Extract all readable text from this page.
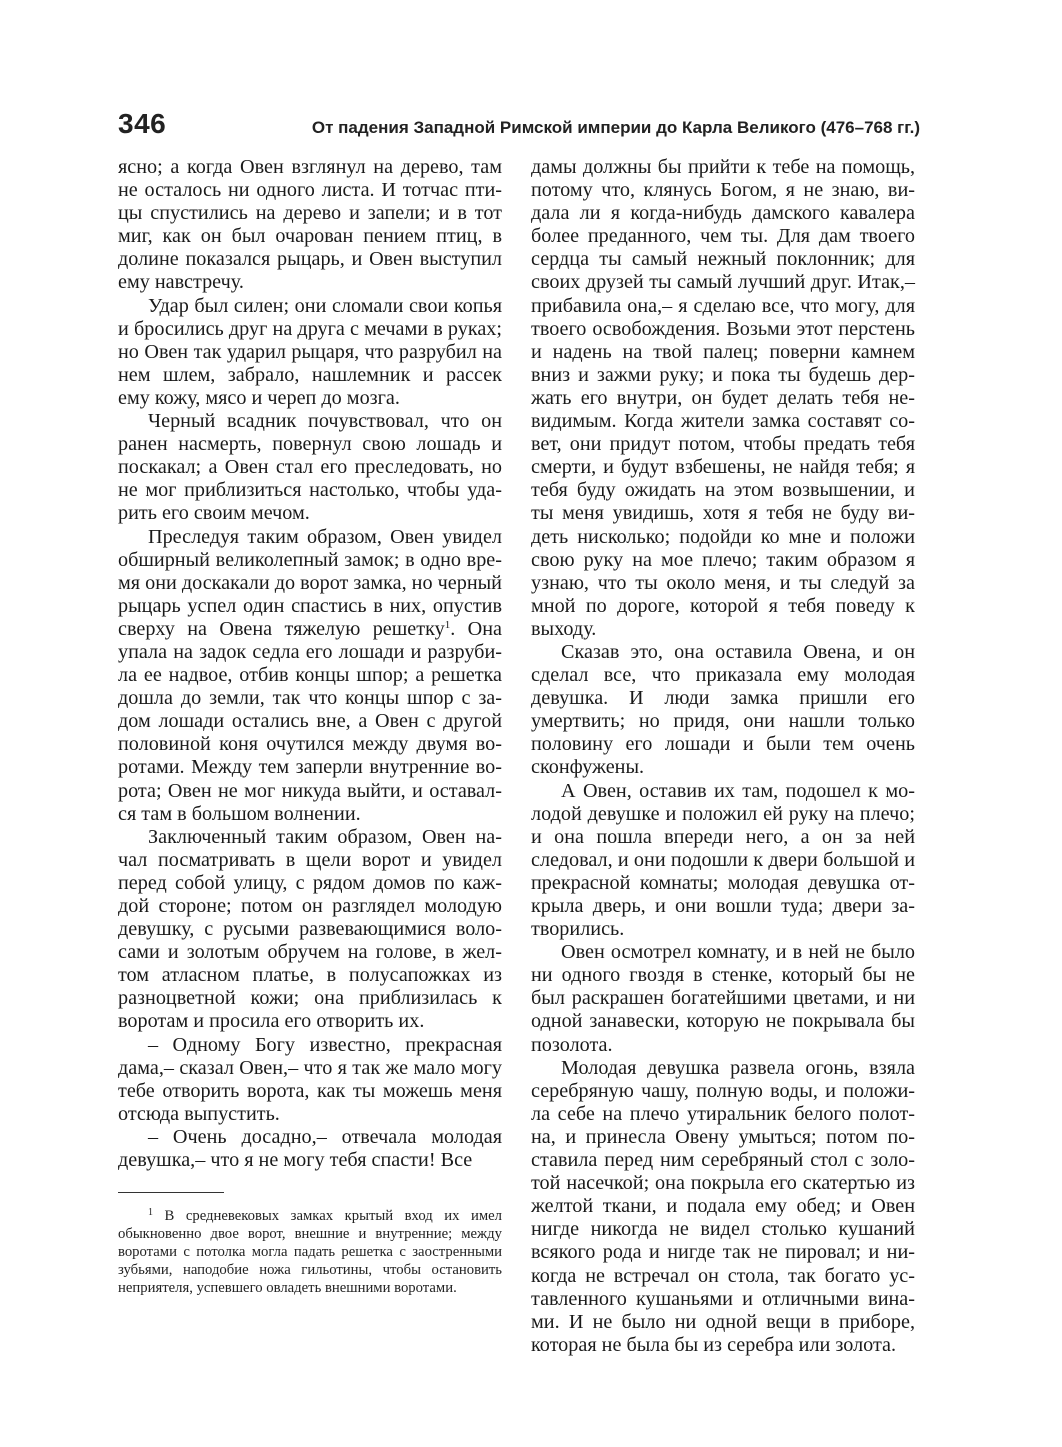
346	От падения Западной Римской империи до Карла Великого (476–768 гг.)

ясно; а когда Овен взглянул на дерево, там не осталось ни одного листа. И тотчас птицы спустились на дерево и запели; и в тот миг, как он был очарован пением птиц, в долине показался рыцарь, и Овен выступил ему навстречу.

Удар был силен; они сломали свои копья и бросились друг на друга с мечами в руках; но Овен так ударил рыцаря, что разрубил на нем шлем, забрало, нашлемник и рассек ему кожу, мясо и череп до мозга.

Черный всадник почувствовал, что он ранен насмерть, повернул свою лошадь и поскакал; а Овен стал его преследовать, но не мог приблизиться настолько, чтобы ударить его своим мечом.

Преследуя таким образом, Овен увидел обширный великолепный замок; в одно время они доскакали до ворот замка, но черный рыцарь успел один спастись в них, опустив сверху на Овена тяжелую решетку$^1$. Она упала на задок седла его лошади и разрубила ее надвое, отбив концы шпор; а решетка дошла до земли, так что концы шпор с задом лошади остались вне, а Овен с другой половиной коня очутился между двумя воротами. Между тем заперли внутренние ворота; Овен не мог никуда выйти, и оставался там в большом волнении.

Заключенный таким образом, Овен начал посматривать в щели ворот и увидел перед собой улицу, с рядом домов по каждой стороне; потом он разглядел молодую девушку, с русыми развевающимися волосами и золотым обручем на голове, в желтом атласном платье, в полусапожках из разноцветной кожи; она приблизилась к воротам и просила его отворить их.

– Одному Богу известно, прекрасная дама,– сказал Овен,– что я так же мало могу тебе отворить ворота, как ты можешь меня отсюда выпустить.

– Очень досадно,– отвечала молодая девушка,– что я не могу тебя спасти! Все

дамы должны бы прийти к тебе на помощь, потому что, клянусь Богом, я не знаю, видала ли я когда-нибудь дамского кавалера более преданного, чем ты. Для дам твоего сердца ты самый нежный поклонник; для своих друзей ты самый лучший друг. Итак,– прибавила она,– я сделаю все, что могу, для твоего освобождения. Возьми этот перстень и надень на твой палец; поверни камнем вниз и зажми руку; и пока ты будешь держать его внутри, он будет делать тебя невидимым. Когда жители замка составят совет, они придут потом, чтобы предать тебя смерти, и будут взбешены, не найдя тебя; я тебя буду ожидать на этом возвышении, и ты меня увидишь, хотя я тебя не буду видеть нисколько; подойди ко мне и положи свою руку на мое плечо; таким образом я узнаю, что ты около меня, и ты следуй за мной по дороге, которой я тебя поведу к выходу.

Сказав это, она оставила Овена, и он сделал все, что приказала ему молодая девушка. И люди замка пришли его умертвить; но придя, они нашли только половину его лошади и были тем очень сконфужены.

А Овен, оставив их там, подошел к молодой девушке и положил ей руку на плечо; и она пошла впереди него, а он за ней следовал, и они подошли к двери большой и прекрасной комнаты; молодая девушка открыла дверь, и они вошли туда; двери затворились.

Овен осмотрел комнату, и в ней не было ни одного гвоздя в стенке, который бы не был раскрашен богатейшими цветами, и ни одной занавески, которую не покрывала бы позолота.

Молодая девушка развела огонь, взяла серебряную чашу, полную воды, и положила себе на плечо утиральник белого полотна, и принесла Овену умыться; потом поставила перед ним серебряный стол с золотой насечкой; она покрыла его скатертью из желтой ткани, и подала ему обед; и Овен нигде никогда не видел столько кушаний всякого рода и нигде так не пировал; и никогда не встречал он стола, так богато уставленного кушаньями и отличными винами. И не было ни одной вещи в приборе, которая не была бы из серебра или золота.

$^1$ В средневековых замках крытый вход их имел обыкновенно двое ворот, внешние и внутренние; между воротами с потолка могла падать решетка с заостренными зубьями, наподобие ножа гильотины, чтобы остановить неприятеля, успевшего овладеть внешними воротами.
